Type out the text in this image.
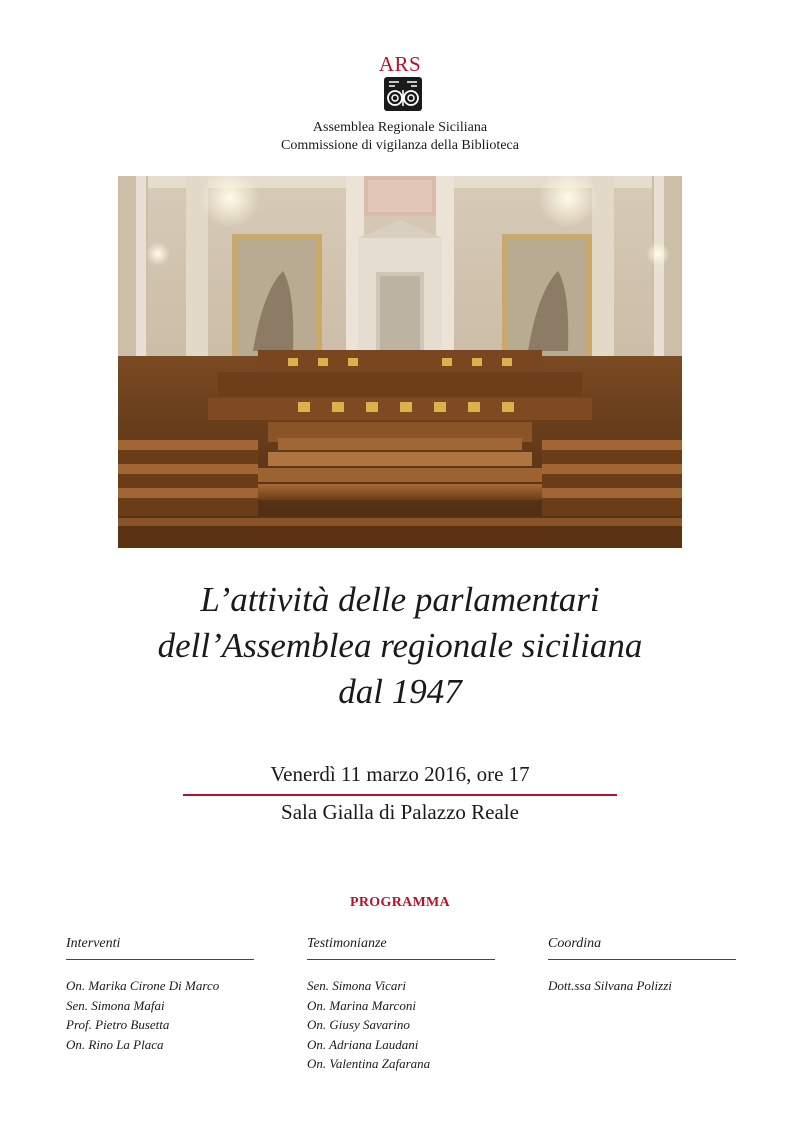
ARS
Assemblea Regionale Siciliana
Commissione di vigilanza della Biblioteca
L’attività delle parlamentari
dell’Assemblea regionale siciliana
dal 1947
Venerdì 11 marzo 2016, ore 17
Sala Gialla di Palazzo Reale
PROGRAMMA
Interventi
On. Marika Cirone Di Marco
Sen. Simona Mafai
Prof. Pietro Busetta
On. Rino La Placa
Testimonianze
Sen. Simona Vicari
On. Marina Marconi
On. Giusy Savarino
On. Adriana Laudani
On. Valentina Zafarana
Coordina
Dott.ssa Silvana Polizzi
